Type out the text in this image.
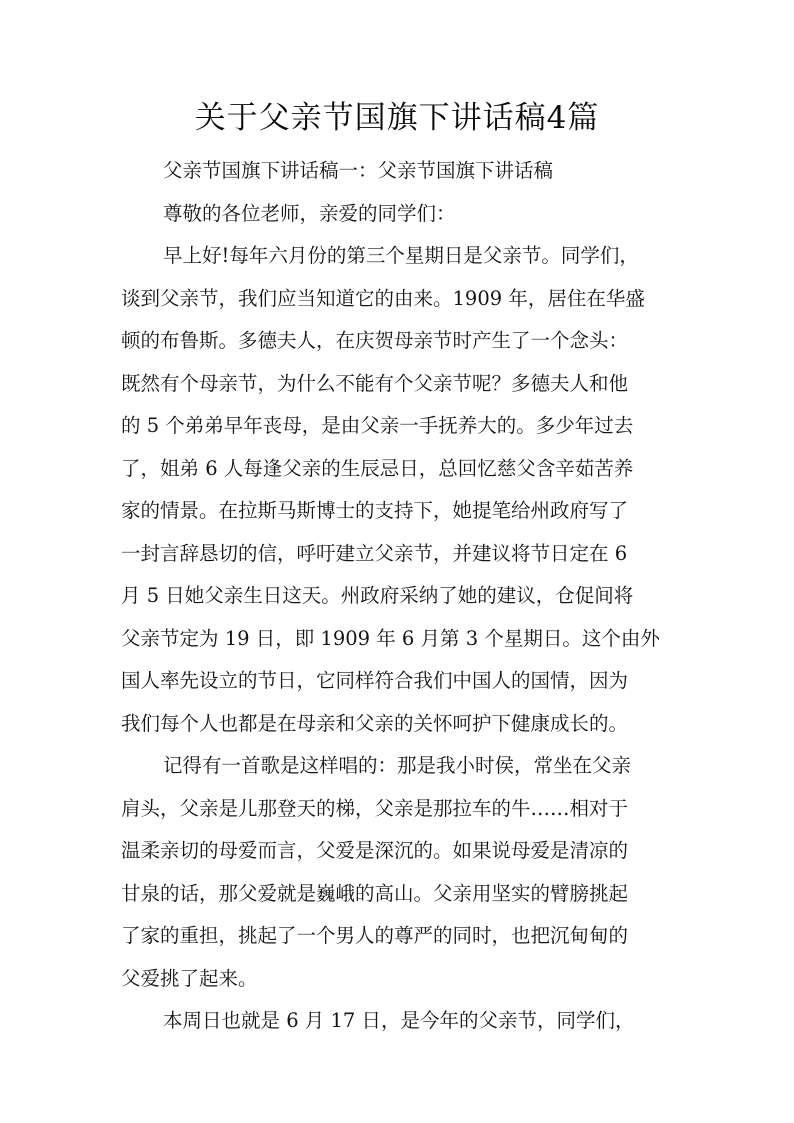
关于父亲节国旗下讲话稿4篇
父亲节国旗下讲话稿一：父亲节国旗下讲话稿
尊敬的各位老师，亲爱的同学们：
早上好!每年六月份的第三个星期日是父亲节。同学们，
谈到父亲节，我们应当知道它的由来。1909 年，居住在华盛
顿的布鲁斯。多德夫人，在庆贺母亲节时产生了一个念头：
既然有个母亲节，为什么不能有个父亲节呢？多德夫人和他
的 5 个弟弟早年丧母，是由父亲一手抚养大的。多少年过去
了，姐弟 6 人每逢父亲的生辰忌日，总回忆慈父含辛茹苦养
家的情景。在拉斯马斯博士的支持下，她提笔给州政府写了
一封言辞恳切的信，呼吁建立父亲节，并建议将节日定在 6
月 5 日她父亲生日这天。州政府采纳了她的建议，仓促间将
父亲节定为 19 日，即 1909 年 6 月第 3 个星期日。这个由外
国人率先设立的节日，它同样符合我们中国人的国情，因为
我们每个人也都是在母亲和父亲的关怀呵护下健康成长的。
记得有一首歌是这样唱的：那是我小时侯，常坐在父亲
肩头，父亲是儿那登天的梯，父亲是那拉车的牛……相对于
温柔亲切的母爱而言，父爱是深沉的。如果说母爱是清凉的
甘泉的话，那父爱就是巍峨的高山。父亲用坚实的臂膀挑起
了家的重担，挑起了一个男人的尊严的同时，也把沉甸甸的
父爱挑了起来。
本周日也就是 6 月 17 日，是今年的父亲节，同学们，
